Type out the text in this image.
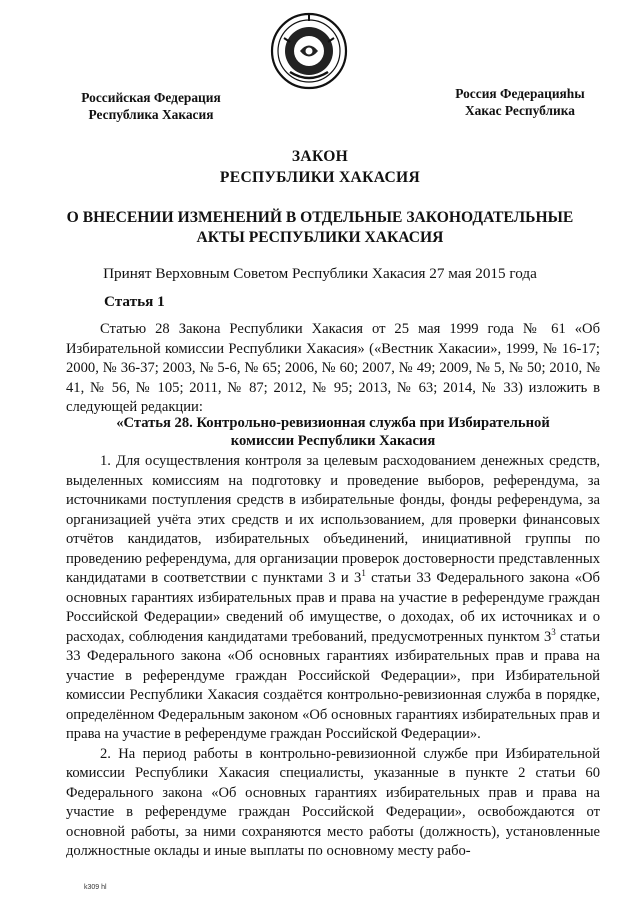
Российская Федерация
Республика Хакасия
Россия Федерацияhы
Хакас Республика
ЗАКОН
РЕСПУБЛИКИ ХАКАСИЯ
О ВНЕСЕНИИ ИЗМЕНЕНИЙ В ОТДЕЛЬНЫЕ ЗАКОНОДАТЕЛЬНЫЕ
АКТЫ РЕСПУБЛИКИ ХАКАСИЯ
Принят Верховным Советом Республики Хакасия 27 мая 2015 года
Статья 1

Статью 28 Закона Республики Хакасия от 25 мая 1999 года № 61 «Об Избирательной комиссии Республики Хакасия» («Вестник Хакасии», 1999, № 16-17; 2000, № 36-37; 2003, № 5-6, № 65; 2006, № 60; 2007, № 49; 2009, № 5, № 50; 2010, № 41, № 56, № 105; 2011, № 87; 2012, № 95; 2013, № 63; 2014, № 33) изложить в следующей редакции:

«Статья 28. Контрольно-ревизионная служба при Избирательной
комиссии Республики Хакасия

1. Для осуществления контроля за целевым расходованием денежных средств, выделенных комиссиям на подготовку и проведение выборов, референдума, за источниками поступления средств в избирательные фонды, фонды референдума, за организацией учёта этих средств и их использованием, для проверки финансовых отчётов кандидатов, избирательных объединений, инициативной группы по проведению референдума, для организации проверок достоверности представленных кандидатами в соответствии с пунктами 3 и $3^1$ статьи 33 Федерального закона «Об основных гарантиях избирательных прав и права на участие в референдуме граждан Российской Федерации» сведений об имуществе, о доходах, об их источниках и о расходах, соблюдения кандидатами требований, предусмотренных пунктом $3^3$ статьи 33 Федерального закона «Об основных гарантиях избирательных прав и права на участие в референдуме граждан Российской Федерации», при Избирательной комиссии Республики Хакасия создаётся контрольно-ревизионная служба в порядке, определённом Федеральным законом «Об основных гарантиях избирательных прав и права на участие в референдуме граждан Российской Федерации».

2. На период работы в контрольно-ревизионной службе при Избирательной комиссии Республики Хакасия специалисты, указанные в пункте 2 статьи 60 Федерального закона «Об основных гарантиях избирательных прав и права на участие в референдуме граждан Российской Федерации», освобождаются от основной работы, за ними сохраняются место работы (должность), установленные должностные оклады и иные выплаты по основному месту рабо-

k309 hl
